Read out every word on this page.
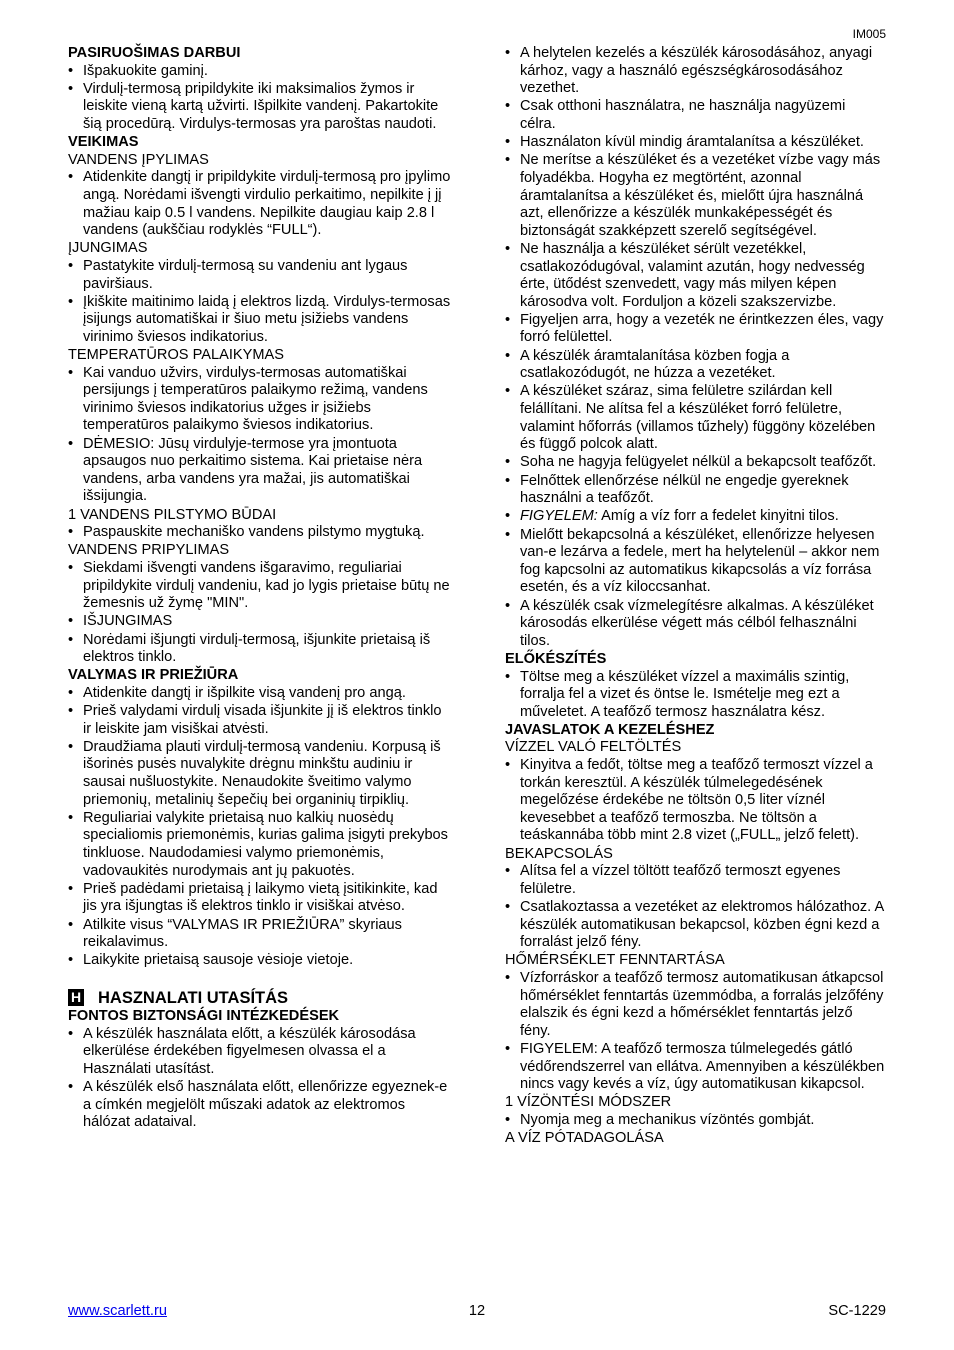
IM005

PASIRUOŠIMAS DARBUI

• Išpakuokite gaminį.
• Virdulį-termosą pripildykite iki maksimalios žymos ir leiskite vieną kartą užvirti. Išpilkite vandenį. Pakartokite šią procedūrą. Virdulys-termosas yra paroštas naudoti.

VEIKIMAS

VANDENS ĮPYLIMAS

• Atidenkite dangtį ir pripildykite virdulį-termosą pro įpylimo angą. Norėdami išvengti virdulio perkaitimo, nepilkite į jį mažiau kaip 0.5 l vandens. Nepilkite daugiau kaip 2.8 l vandens (aukščiau rodyklės “FULL“).

ĮJUNGIMAS

• Pastatykite virdulį-termosą su vandeniu ant lygaus paviršiaus.
• Įkiškite maitinimo laidą į elektros lizdą. Virdulys-termosas įsijungs automatiškai ir šiuo metu įsižiebs vandens virinimo šviesos indikatorius.

TEMPERATŪROS PALAIKYMAS

• Kai vanduo užvirs, virdulys-termosas automatiškai persijungs į temperatūros palaikymo režimą, vandens virinimo šviesos indikatorius užges ir įsižiebs temperatūros palaikymo šviesos indikatorius.
• DĖMESIO: Jūsų virdulyje-termose yra įmontuota apsaugos nuo perkaitimo sistema. Kai prietaise nėra vandens, arba vandens yra mažai, jis automatiškai išsijungia.

1 VANDENS PILSTYMO BŪDAI

• Paspauskite mechaniško vandens pilstymo mygtuką.

VANDENS PRIPYLIMAS

• Siekdami išvengti vandens išgaravimo, reguliariai pripildykite virdulį vandeniu, kad jo lygis prietaise būtų ne žemesnis už žymę "MIN".
• IŠJUNGIMAS
• Norėdami išjungti virdulį-termosą, išjunkite prietaisą iš elektros tinklo.

VALYMAS IR PRIEŽIŪRA

• Atidenkite dangtį ir išpilkite visą vandenį pro angą.
• Prieš valydami virdulį visada išjunkite jį iš elektros tinklo ir leiskite jam visiškai atvėsti.
• Draudžiama plauti virdulį-termosą vandeniu. Korpusą iš išorinės pusės nuvalykite drėgnu minkštu audiniu ir sausai nušluostykite. Nenaudokite šveitimo valymo priemonių, metalinių šepečių bei organinių tirpiklių.
• Reguliariai valykite prietaisą nuo kalkių nuosėdų specialiomis priemonėmis, kurias galima įsigyti prekybos tinkluose. Naudodamiesi valymo priemonėmis, vadovaukitės nurodymais ant jų pakuotės.
• Prieš padėdami prietaisą į laikymo vietą įsitikinkite, kad jis yra išjungtas iš elektros tinklo ir visiškai atvėso.
• Atilkite visus “VALYMAS IR PRIEŽIŪRA” skyriaus reikalavimus.
• Laikykite prietaisą sausoje vėsioje vietoje.
H HASZNALATI UTASÍTÁS

FONTOS BIZTONSÁGI INTÉZKEDÉSEK

• A készülék használata előtt, a készülék károsodása elkerülése érdekében figyelmesen olvassa el a Használati utasítást.
• A készülék első használata előtt, ellenőrizze egyeznek-e a címkén megjelölt műszaki adatok az elektromos hálózat adataival.
• A helytelen kezelés a készülék károsodásához, anyagi kárhoz, vagy a használó egészségkárosodásához vezethet.
• Csak otthoni használatra, ne használja nagyüzemi célra.
• Használaton kívül mindig áramtalanítsa a készüléket.
• Ne merítse a készüléket és a vezetéket vízbe vagy más folyadékba. Hogyha ez megtörtént, azonnal áramtalanítsa a készüléket és, mielőtt újra használná azt, ellenőrizze a készülék munkaképességét és biztonságát szakképzett szerelő segítségével.
• Ne használja a készüléket sérült vezetékkel, csatlakozódugóval, valamint azután, hogy nedvesség érte, ütődést szenvedett, vagy más milyen képen károsodva volt. Forduljon a közeli szakszervizbe.
• Figyeljen arra, hogy a vezeték ne érintkezzen éles, vagy forró felülettel.
• A készülék áramtalanítása közben fogja a csatlakozódugót, ne húzza a vezetéket.
• A készüléket száraz, sima felületre szilárdan kell felállítani. Ne alítsa fel a készüléket forró felületre, valamint hőforrás (villamos tűzhely) függöny közelében és függő polcok alatt.
• Soha ne hagyja felügyelet nélkül a bekapcsolt teafőzőt.
• Felnőttek ellenőrzése nélkül ne engedje gyereknek használni a teafőzőt.
• FIGYELEM: Amíg a víz forr a fedelet kinyitni tilos.
• Mielőtt bekapcsolná a készüléket, ellenőrizze helyesen van-e lezárva a fedele, mert ha helytelenül – akkor nem fog kapcsolni az automatikus kikapcsolás a víz forrása esetén, és a víz kiloccsanhat.
• A készülék csak vízmelegítésre alkalmas. A készüléket károsodás elkerülése végett más célból felhasználni tilos.

ELŐKÉSZÍTÉS

• Töltse meg a készüléket vízzel a maximális szintig, forralja fel a vizet és öntse le. Ismételje meg ezt a műveletet. A teafőző termosz használatra kész.

JAVASLATOK A KEZELÉSHEZ

VÍZZEL VALÓ FELTÖLTÉS

• Kinyitva a fedőt, töltse meg a teafőző termoszt vízzel a torkán keresztül. A készülék túlmelegedésének megelőzése érdekébe ne töltsön 0,5 liter víznél kevesebbet a teafőző termoszba. Ne töltsön a teáskannába több mint 2.8 vizet („FULL„ jelző felett).

BEKAPCSOLÁS

• Alítsa fel a vízzel töltött teafőző termoszt egyenes felületre.
• Csatlakoztassa a vezetéket az elektromos hálózathoz. A készülék automatikusan bekapcsol, közben égni kezd a forralást jelző fény.

HŐMÉRSÉKLET FENNTARTÁSA

• Vízforráskor a teafőző termosz automatikusan átkapcsol hőmérséklet fenntartás üzemmódba, a forralás jelzőfény elalszik és égni kezd a hőmérséklet fenntartás jelző fény.
• FIGYELEM: A teafőző termosza túlmelegedés gátló védőrendszerrel van ellátva. Amennyiben a készülékben nincs vagy kevés a víz, úgy automatikusan kikapcsol.

1 VÍZÖNTÉSI MÓDSZER

• Nyomja meg a mechanikus vízöntés gombját.

A VÍZ PÓTADAGOLÁSA

www.scarlett.ru	12	SC-1229
